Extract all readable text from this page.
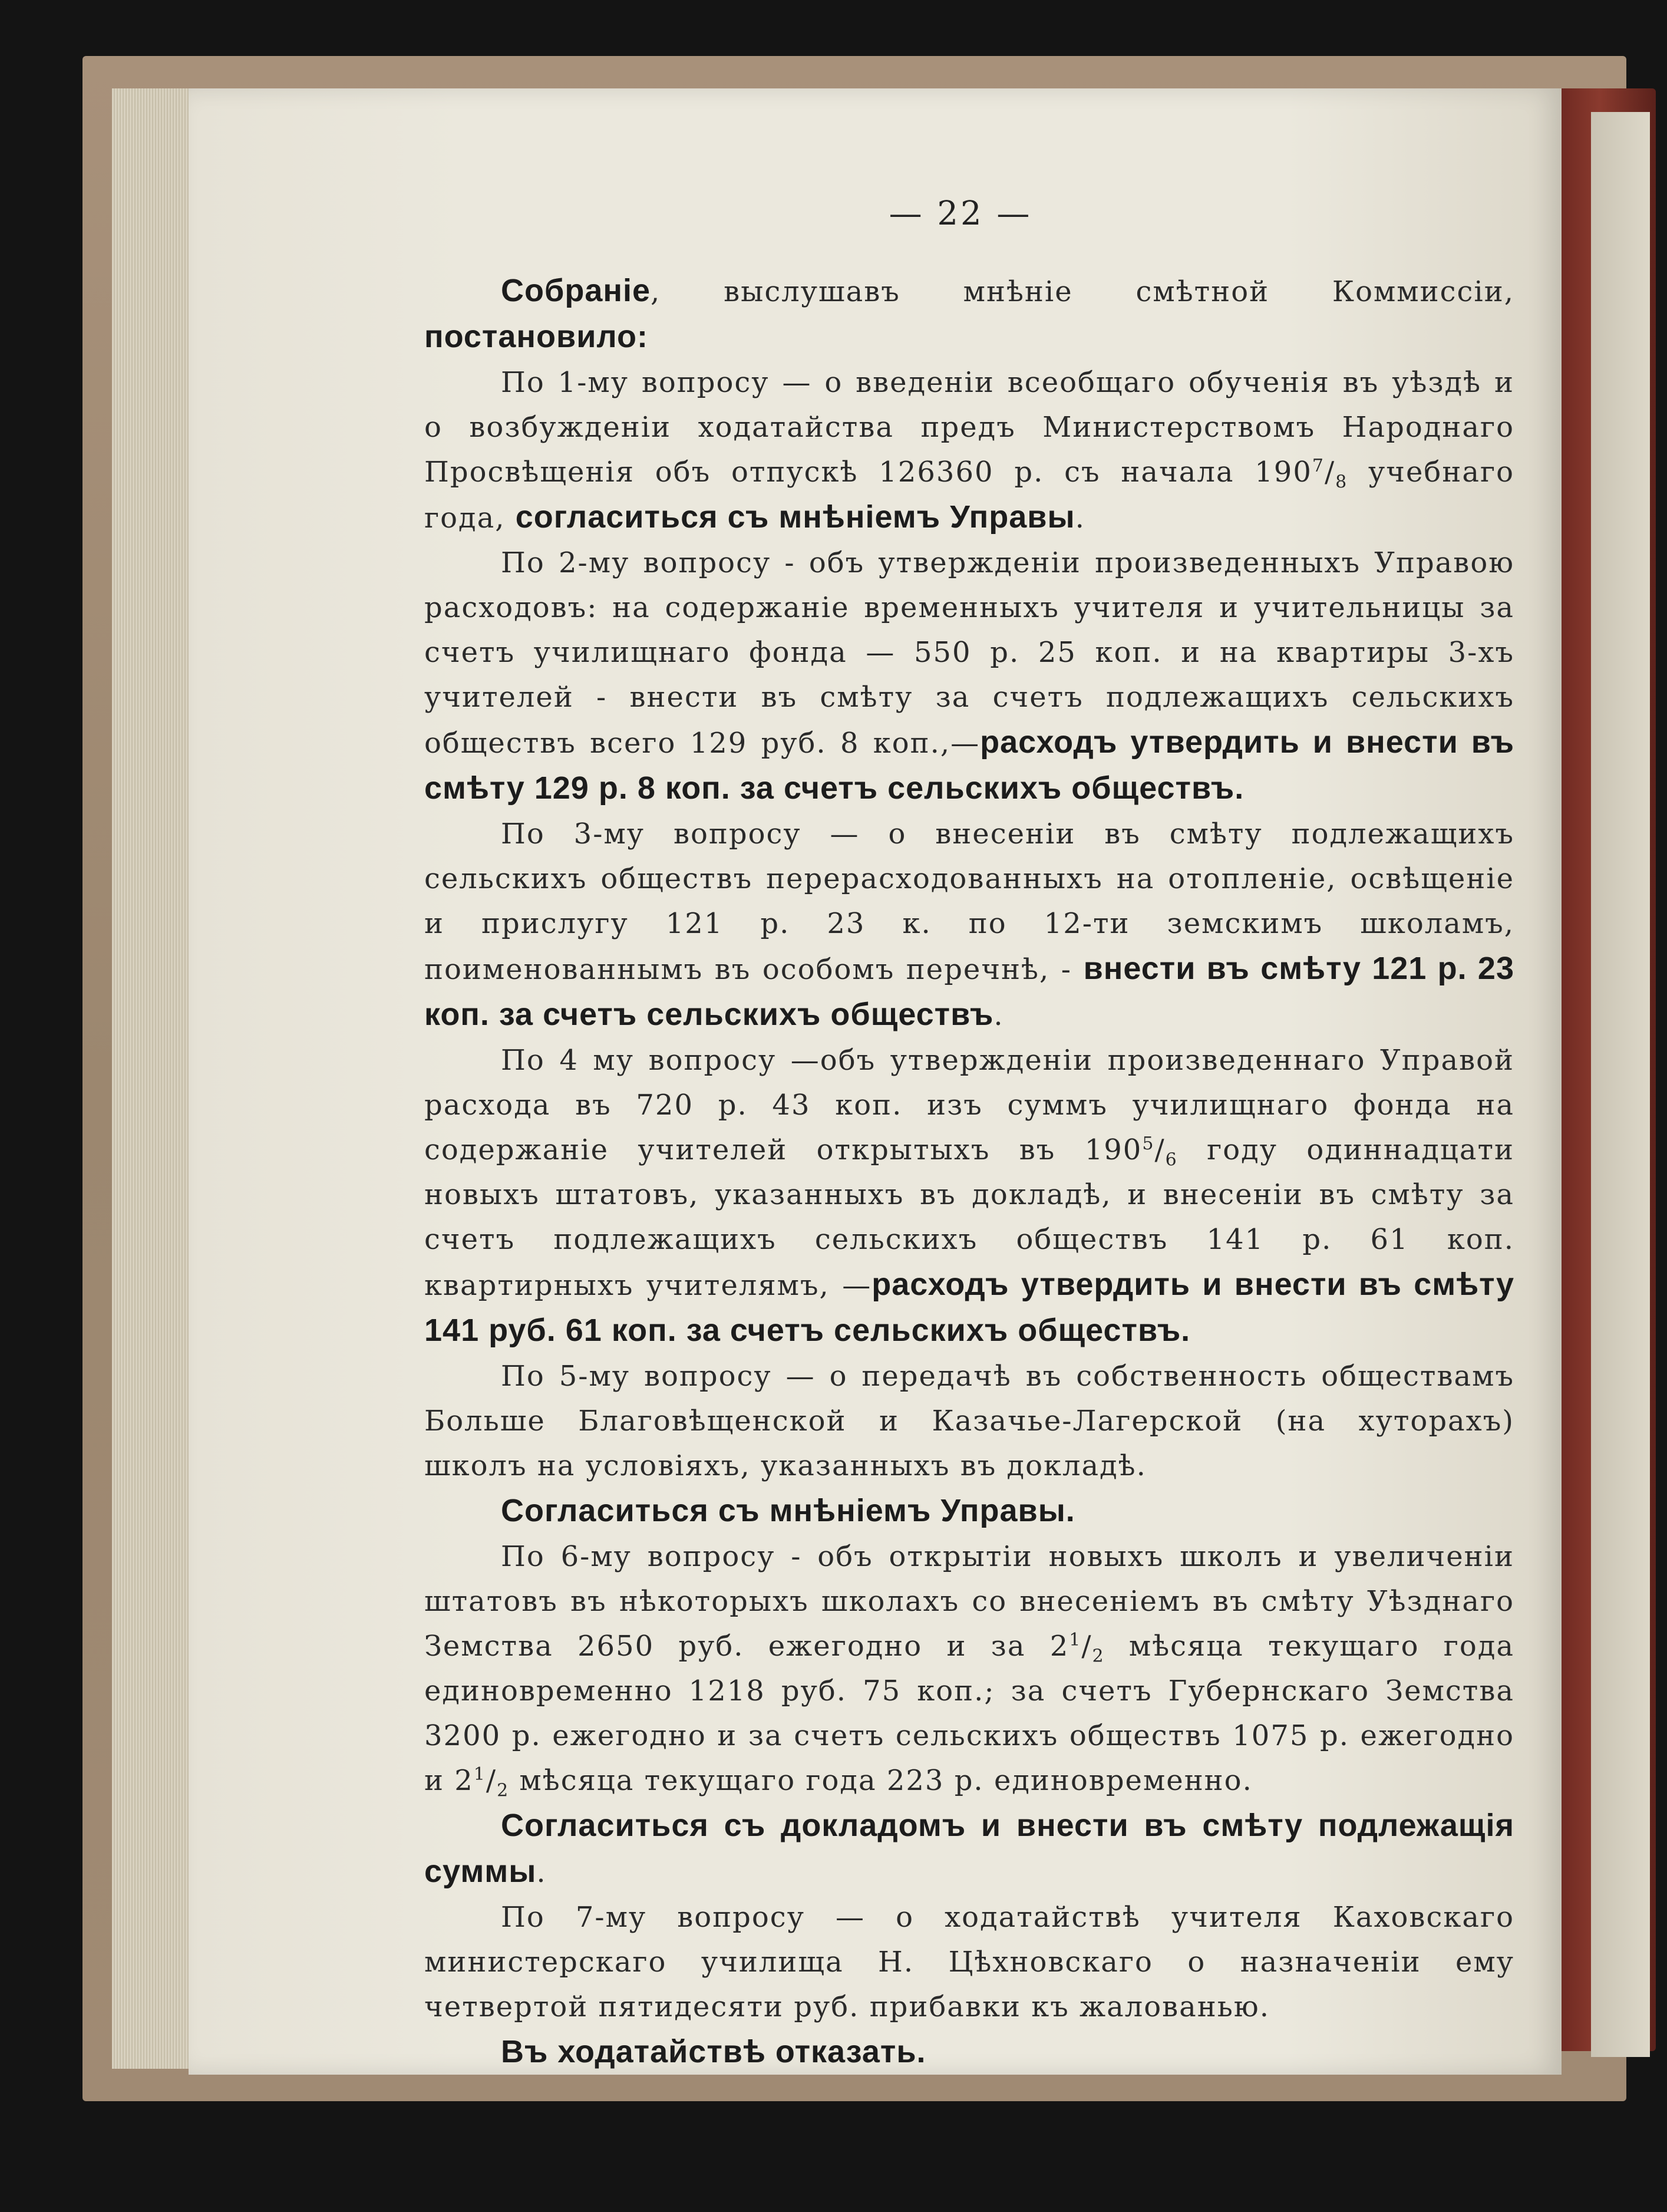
— 22 —

Собраніе, выслушавъ мнѣніе смѣтной Коммиссіи, постановило:

По 1-му вопросу — о введеніи всеобщаго обученія въ уѣздѣ и о возбужденіи ходатайства предъ Министерствомъ Народнаго Просвѣщенія объ отпускѣ 126360 р. съ начала $190^7/_8$ учебнаго года, согласиться съ мнѣніемъ Управы.

По 2-му вопросу - объ утвержденіи произведенныхъ Управою расходовъ: на содержаніе временныхъ учителя и учительницы за счетъ училищнаго фонда — 550 р. 25 коп. и на квартиры 3-хъ учителей - внести въ смѣту за счетъ подлежащихъ сельскихъ обществъ всего 129 руб. 8 коп.,—расходъ утвердить и внести въ смѣту 129 р. 8 коп. за счетъ сельскихъ обществъ.

По 3-му вопросу — о внесеніи въ смѣту подлежащихъ сельскихъ обществъ перерасходованныхъ на отопленіе, освѣщеніе и прислугу 121 р. 23 к. по 12-ти земскимъ школамъ, поименованнымъ въ особомъ перечнѣ, - внести въ смѣту 121 р. 23 коп. за счетъ сельскихъ обществъ.

По 4 му вопросу —объ утвержденіи произведеннаго Управой расхода въ 720 р. 43 коп. изъ суммъ училищнаго фонда на содержаніе учителей открытыхъ въ $190^5/_6$ году одиннадцати новыхъ штатовъ, указанныхъ въ докладѣ, и внесеніи въ смѣту за счетъ подлежащихъ сельскихъ обществъ 141 р. 61 коп. квартирныхъ учителямъ, —расходъ утвердить и внести въ смѣту 141 руб. 61 коп. за счетъ сельскихъ обществъ.

По 5-му вопросу — о передачѣ въ собственность обществамъ Больше Благовѣщенской и Казачье-Лагерской (на хуторахъ) школъ на условіяхъ, указанныхъ въ докладѣ.

Согласиться съ мнѣніемъ Управы.

По 6-му вопросу - объ открытіи новыхъ школъ и увеличеніи штатовъ въ нѣкоторыхъ школахъ со внесеніемъ въ смѣту Уѣзднаго Земства 2650 руб. ежегодно и за $2^1/_2$ мѣсяца текущаго года единовременно 1218 руб. 75 коп.; за счетъ Губернскаго Земства 3200 р. ежегодно и за счетъ сельскихъ обществъ 1075 р. ежегодно и $2^1/_2$ мѣсяца текущаго года 223 р. единовременно.

Согласиться съ докладомъ и внести въ смѣту подлежащія суммы.

По 7-му вопросу — о ходатайствѣ учителя Каховскаго министерскаго училища Н. Цѣхновскаго о назначеніи ему четвертой пятидесяти руб. прибавки къ жалованью.

Въ ходатайствѣ отказать.
